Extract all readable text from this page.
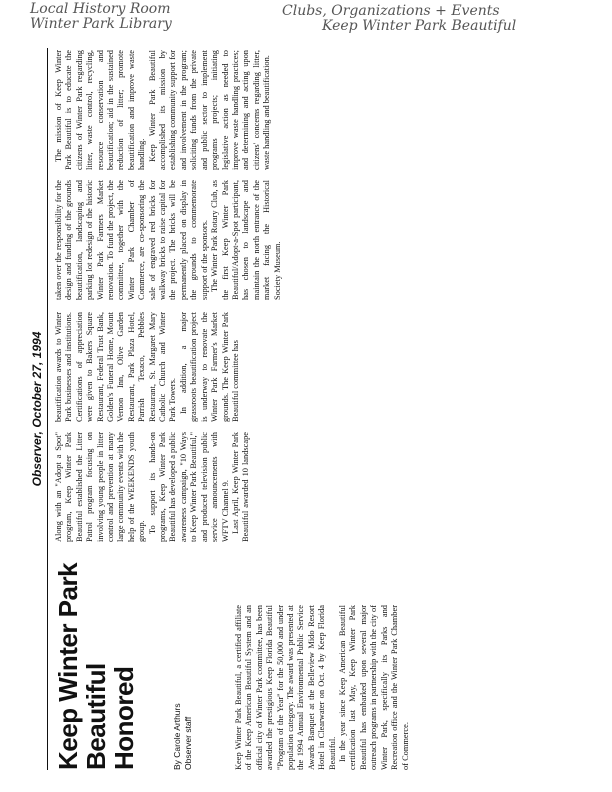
Local History Room
Winter Park Library
Clubs, Organizations + Events
Keep Winter Park Beautiful
Observer, October 27, 1994
Keep Winter Park
Beautiful Honored	By Carole Arthurs Observer staff	Keep Winter Park Beautiful, a certified affiliate of the Keep American Beautiful System and an official city of Winter Park committee, has been awarded the prestigious Keep Florida Beautiful "Program of the Year" for the 50,000 and under population category. The award was presented at the 1994 Annual Environmental Public Service Awards Banquet at the Belleview Mido Resort Hotel in Clearwater on Oct. 4 by Keep Florida Beautiful. In the year since Keep American Beautiful certification last May, Keep Winter Park Beautiful has embarked upon several major outreach programs in partnership with the city of Winter Park, specifically its Parks and Recreation office and the Winter Park Chamber of Commerce.

Along with an "Adopt a Spot" program, Keep Winter Park Beautiful established the Litter Patrol program focusing on involving young people in litter control and prevention at many large community events with the help of the WEEKENDS youth group. To support its hands-on programs, Keep Winter Park Beautiful has developed a public awareness campaign, "10 Ways to Keep Winter Park Beautiful," and produced television public service announcements with WFTV Channel 9. Last April, Keep Winter Park Beautiful awarded 10 landscape beautification awards to Winter Park businesses and institutions. Certifications of appreciation were given to Bakers Square Restaurant, Federal Trust Bank, Golden's Funeral Home, Mount Vernon Inn, Olive Garden Restaurant, Park Plaza Hotel, Parrish Texaco, Pebbles Restaurant, St. Margaret Mary Catholic Church and Winter Park Towers. In addition, a major grassroots beautification project is underway to renovate the Winter Park Farmer's Market grounds. The Keep Winter Park Beautiful committee has

taken over the responsibility for the design and funding of the grounds beautification, landscaping and parking lot redesign of the historic Winter Park Farmers Market renovation. To fund the project, the committee, together with the Winter Park Chamber of Commerce, are co-sponsoring the sale of engraved red bricks for walkway bricks to raise capital for the project. The bricks will be permanently placed on display in the grounds to commemorate support of the sponsors. The Winter Park Rotary Club, as the first Keep Winter Park Beautiful/Adopt-a-Spot participant, has chosen to landscape and maintain the north entrance of the market facing the Historical Society Museum.

The mission of Keep Winter Park Beautiful is to educate the citizens of Winter Park regarding litter, waste control, recycling, resource conservation and beautification; aid in the sustained reduction of litter; promote beautification and improve waste handling. Keep Winter Park Beautiful accomplished its mission by establishing community support for and involvement in the program; soliciting funds from the private and public sector to implement programs projects; initiating legislative action as needed to improve waste handling practices; and determining and acting upon citizens' concerns regarding litter, waste handling and beautification.
